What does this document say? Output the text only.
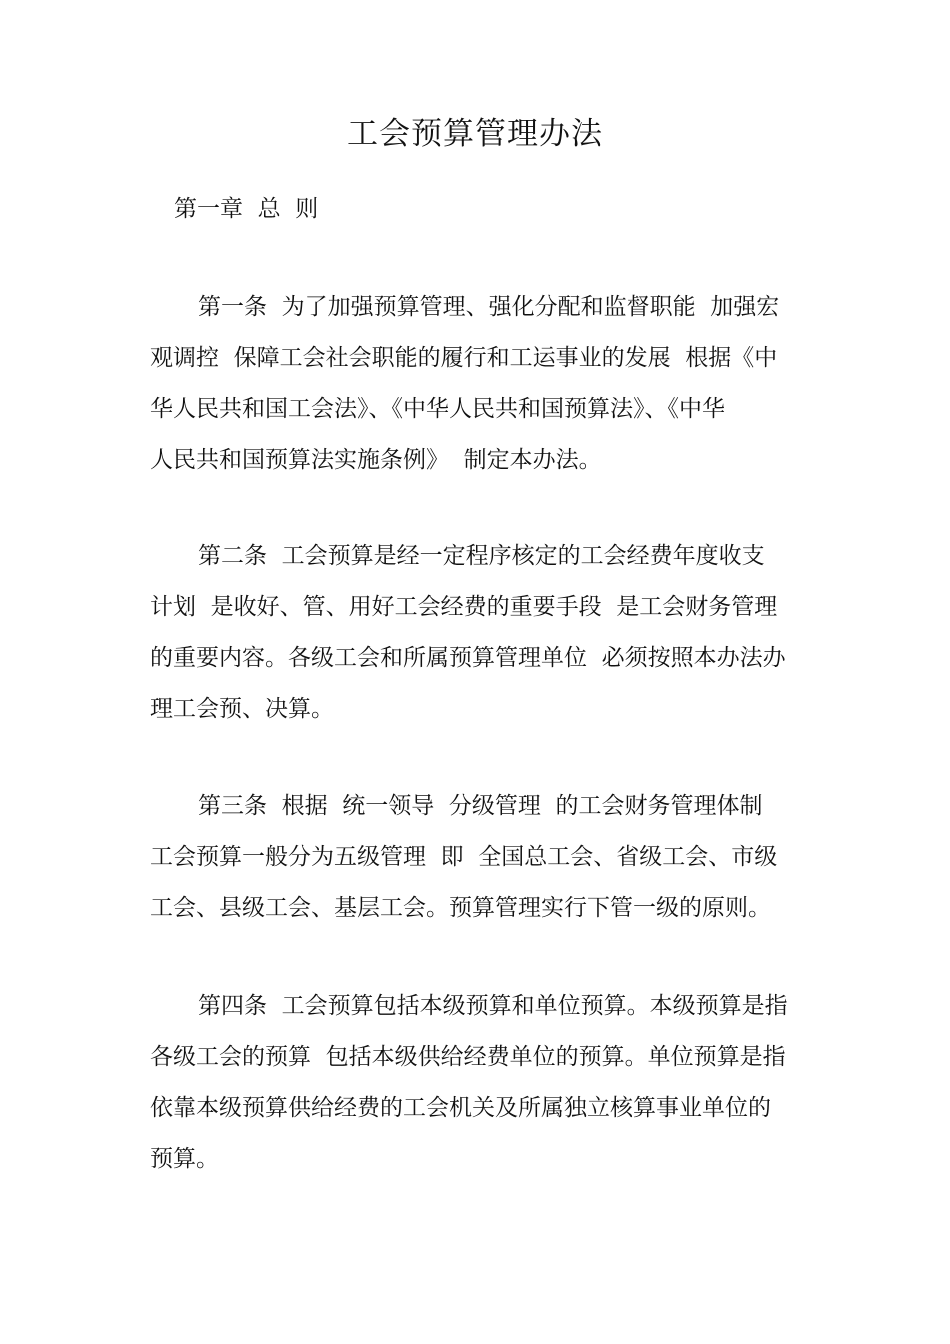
工会预算管理办法
第一章  总  则
第一条  为了加强预算管理、强化分配和监督职能  加强宏
观调控  保障工会社会职能的履行和工运事业的发展  根据《中
华人民共和国工会法》、《中华人民共和国预算法》、《中华
人民共和国预算法实施条例》  制定本办法。
第二条  工会预算是经一定程序核定的工会经费年度收支
计划  是收好、管、用好工会经费的重要手段  是工会财务管理
的重要内容。各级工会和所属预算管理单位  必须按照本办法办
理工会预、决算。
第三条  根据  统一领导  分级管理  的工会财务管理体制
工会预算一般分为五级管理  即  全国总工会、省级工会、市级
工会、县级工会、基层工会。预算管理实行下管一级的原则。
第四条  工会预算包括本级预算和单位预算。本级预算是指
各级工会的预算  包括本级供给经费单位的预算。单位预算是指
依靠本级预算供给经费的工会机关及所属独立核算事业单位的
预算。
